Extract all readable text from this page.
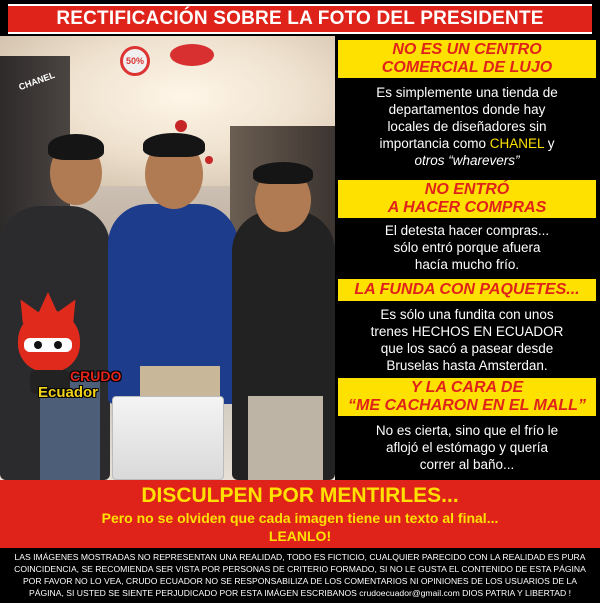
RECTIFICACIÓN SOBRE LA FOTO DEL PRESIDENTE
CHANEL
50%
CRUDO
Ecuador
NO ES UN CENTRO
COMERCIAL DE LUJO
Es simplemente una tienda de
departamentos donde hay
locales de diseñadores sin
importancia como CHANEL y
otros “wharevers”
NO ENTRÓ
A HACER COMPRAS
El detesta hacer compras...
sólo entró porque afuera
hacía mucho frío.
LA FUNDA CON PAQUETES...
Es sólo una fundita con unos
trenes HECHOS EN ECUADOR
que los sacó a pasear desde
Bruselas hasta Amsterdan.
Y LA CARA DE
“ME CACHARON EN EL MALL”
No es cierta, sino que el frío le
aflojó el estómago y quería
correr al baño...
DISCULPEN POR MENTIRLES...
Pero no se olviden que cada imagen tiene un texto al final...
LEANLO!
LAS IMÁGENES MOSTRADAS NO REPRESENTAN UNA REALIDAD, TODO ES FICTICIO, CUALQUIER PARECIDO CON LA REALIDAD ES PURA COINCIDENCIA, SE RECOMIENDA SER VISTA POR PERSONAS DE CRITERIO FORMADO, SI NO LE GUSTA EL CONTENIDO DE ESTA PÁGINA POR FAVOR NO LO VEA, CRUDO ECUADOR NO SE RESPONSABILIZA DE LOS COMENTARIOS NI OPINIONES DE LOS USUARIOS DE LA PÁGINA, SI USTED SE SIENTE PERJUDICADO POR ESTA IMÁGEN ESCRIBANOS crudoecuador@gmail.com DIOS PATRIA Y LIBERTAD !
